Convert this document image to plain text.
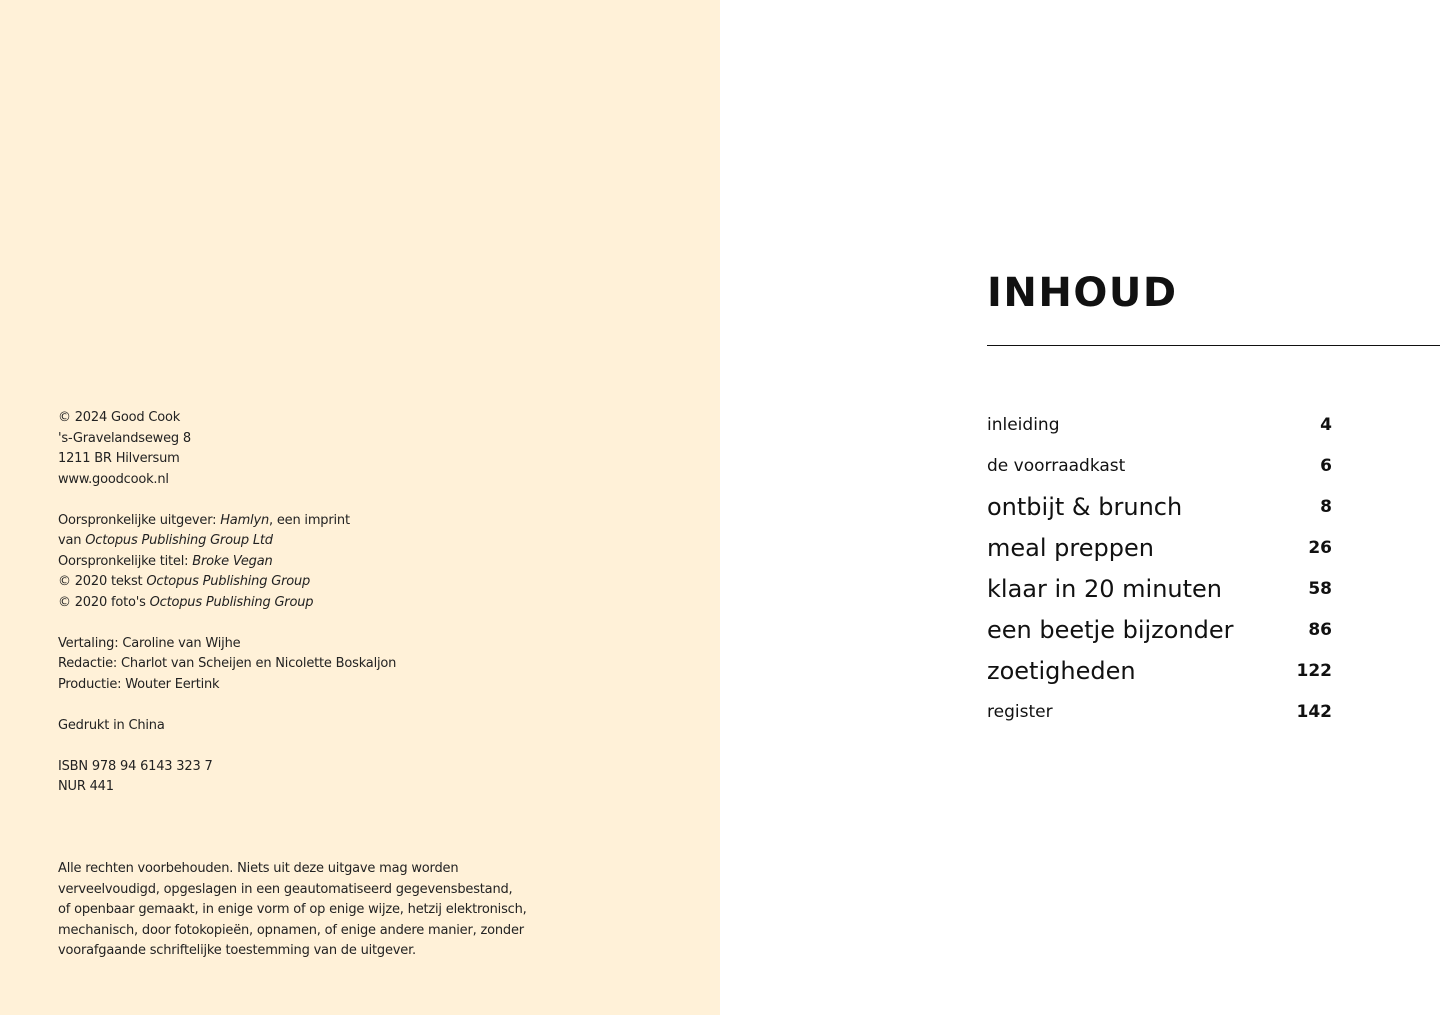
© 2024 Good Cook
's-Gravelandseweg 8
1211 BR Hilversum
www.goodcook.nl
Oorspronkelijke uitgever: Hamlyn, een imprint
van Octopus Publishing Group Ltd
Oorspronkelijke titel: Broke Vegan
© 2020 tekst Octopus Publishing Group
© 2020 foto's Octopus Publishing Group
Vertaling: Caroline van Wijhe
Redactie: Charlot van Scheijen en Nicolette Boskaljon
Productie: Wouter Eertink
Gedrukt in China
ISBN 978 94 6143 323 7
NUR 441
Alle rechten voorbehouden. Niets uit deze uitgave mag worden
verveelvoudigd, opgeslagen in een geautomatiseerd gegevensbestand,
of openbaar gemaakt, in enige vorm of op enige wijze, hetzij elektronisch,
mechanisch, door fotokopieën, opnamen, of enige andere manier, zonder
voorafgaande schriftelijke toestemming van de uitgever.
INHOUD
inleiding	4
de voorraadkast	6
ontbijt & brunch	8
meal preppen	26
klaar in 20 minuten	58
een beetje bijzonder	86
zoetigheden	122
register	142
